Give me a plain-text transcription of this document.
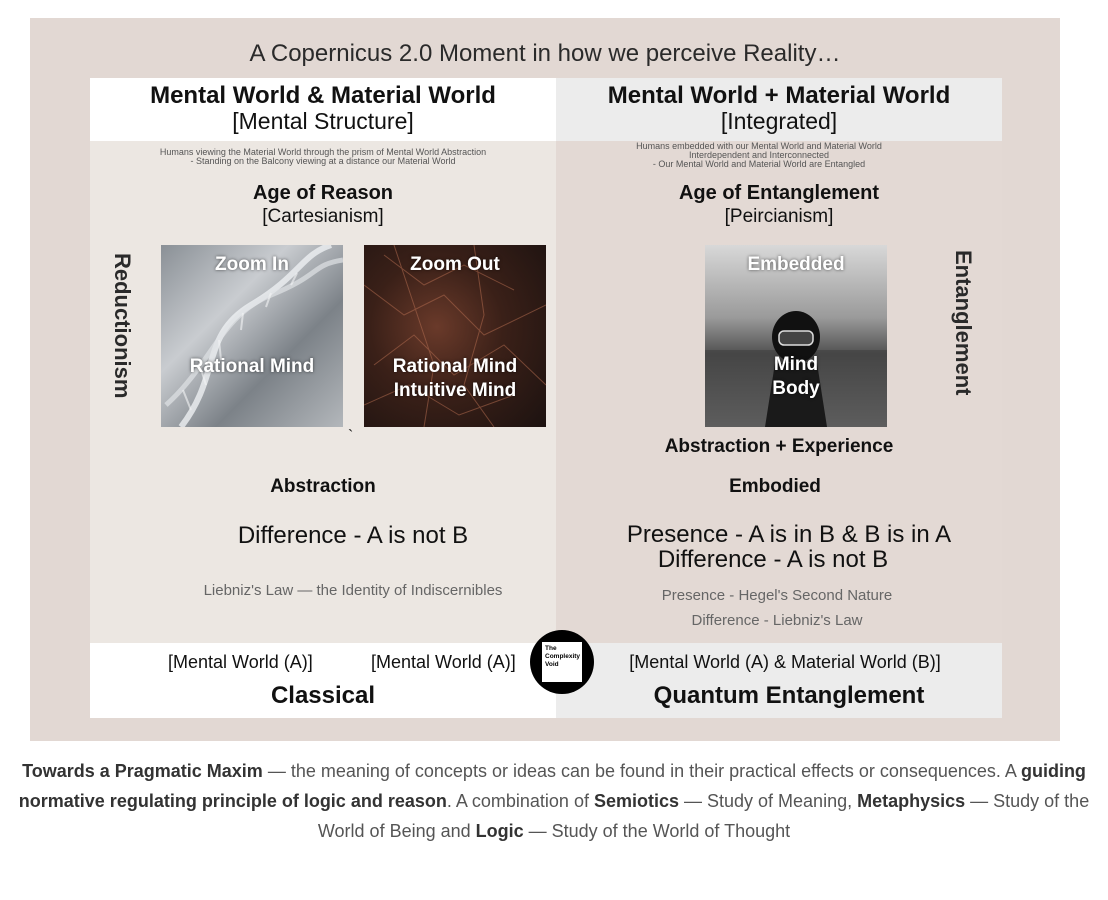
A Copernicus 2.0 Moment in how we perceive Reality…
Mental World & Material World
[Mental Structure]
Humans viewing the Material World through the prism of Mental World Abstraction
- Standing on the Balcony viewing at a distance our Material World
Age of Reason
[Cartesianism]
Reductionism	Zoom In
Rational Mind
Zoom Out
Rational Mind
Intuitive Mind
`
Abstraction
Difference - A is not B
Liebniz's Law — the Identity of Indiscernibles
[Mental World (A)]	[Mental World (A)]
Classical
Mental World + Material World
[Integrated]
Humans embedded with our Mental World and Material World
Interdependent and Interconnected
- Our Mental World and Material World are Entangled
Age of Entanglement
[Peircianism]
Entanglement
Embedded
Mind
Body
Abstraction + Experience
Embodied
Presence - A is in B & B is in A
Difference - A is not B
Presence - Hegel's Second Nature
Difference - Liebniz's Law
[Mental World (A) & Material World (B)]
Quantum Entanglement
The
Complexity
Void
Towards a Pragmatic Maxim — the meaning of concepts or ideas can be found in their practical effects or consequences. A guiding normative regulating principle of logic and reason. A combination of Semiotics — Study of Meaning, Metaphysics — Study of the World of Being and Logic — Study of the World of Thought
